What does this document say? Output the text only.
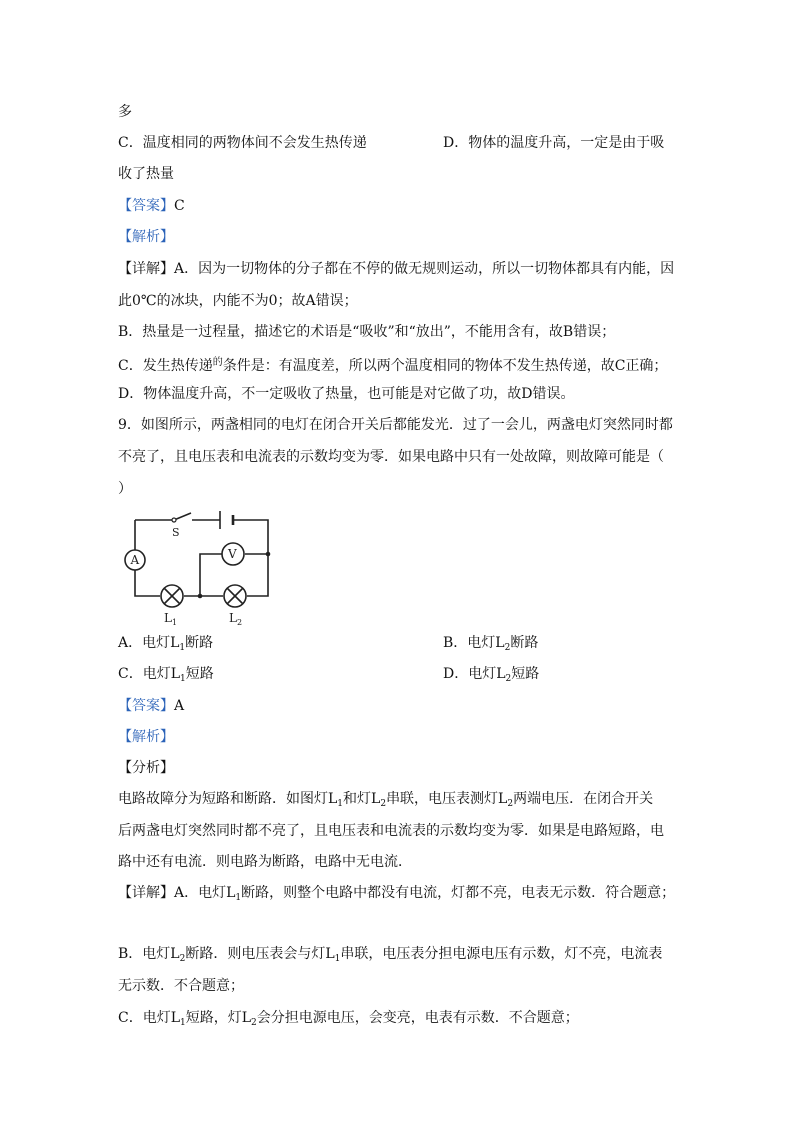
多
C．温度相同的两物体间不会发生热传递	D．物体的温度升高，一定是由于吸
收了热量
【答案】C
【解析】
【详解】A．因为一切物体的分子都在不停的做无规则运动，所以一切物体都具有内能，因
此0℃的冰块，内能不为0；故A错误；
B．热量是一过程量，描述它的术语是“吸收”和“放出”，不能用含有，故B错误；
C．发生热传递$^的$条件是：有温度差，所以两个温度相同的物体不发生热传递，故C正确；
D．物体温度升高，不一定吸收了热量，也可能是对它做了功，故D错误。
9．如图所示，两盏相同的电灯在闭合开关后都能发光．过了一会儿，两盏电灯突然同时都
不亮了，且电压表和电流表的示数均变为零．如果电路中只有一处故障，则故障可能是（
）
S
A	V
$L_1$	$L_2$
A．电灯$L_1$断路	B．电灯$L_2$断路
C．电灯$L_1$短路	D．电灯$L_2$短路
【答案】A
【解析】
【分析】
电路故障分为短路和断路．如图灯$L_1$和灯$L_2$串联，电压表测灯$L_2$两端电压．在闭合开关
后两盏电灯突然同时都不亮了，且电压表和电流表的示数均变为零．如果是电路短路，电
路中还有电流．则电路为断路，电路中无电流．
【详解】A．电灯$L_1$断路，则整个电路中都没有电流，灯都不亮，电表无示数．符合题意；
B．电灯$L_2$断路．则电压表会与灯$L_1$串联，电压表分担电源电压有示数，灯不亮，电流表
无示数．不合题意；
C．电灯$L_1$短路，灯$L_2$会分担电源电压，会变亮，电表有示数．不合题意；
